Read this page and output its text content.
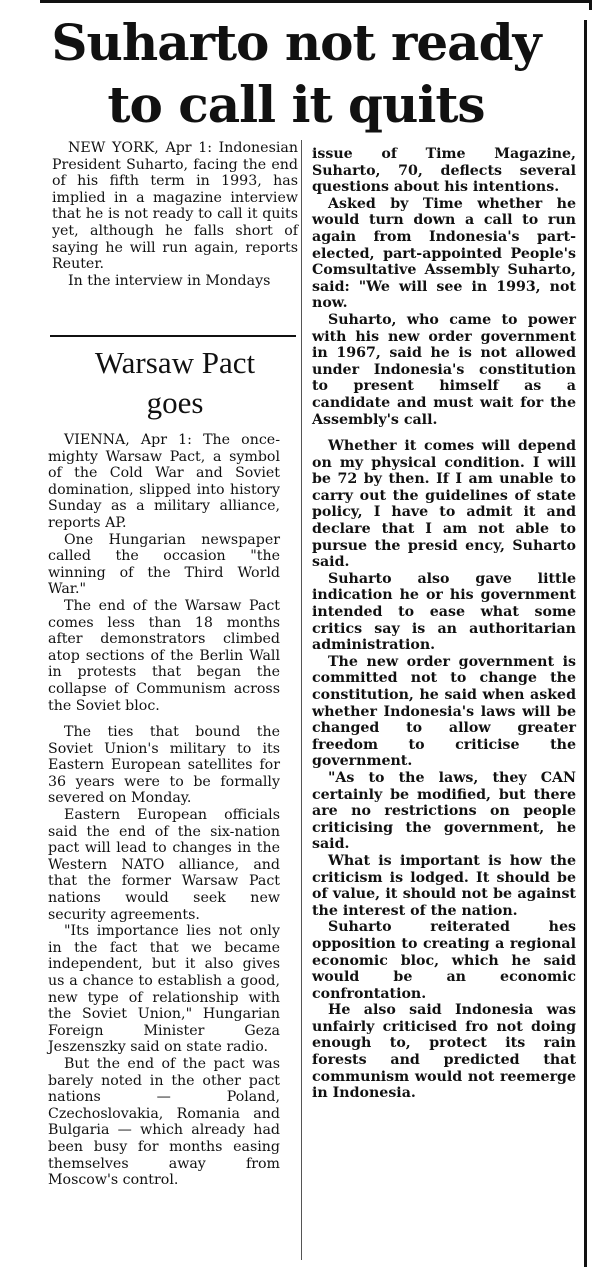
Suharto not ready
to call it quits

NEW YORK, Apr 1: Indonesian President Suharto, facing the end of his fifth term in 1993, has implied in a magazine interview that he is not ready to call it quits yet, although he falls short of saying he will run again, reports Reuter.

In the interview in Mondays

Warsaw Pact
goes

VIENNA, Apr 1: The once-mighty Warsaw Pact, a symbol of the Cold War and Soviet domination, slipped into history Sunday as a military alliance, reports AP.

One Hungarian newspaper called the occasion "the winning of the Third World War."

The end of the Warsaw Pact comes less than 18 months after demonstrators climbed atop sections of the Berlin Wall in protests that began the collapse of Communism across the Soviet bloc.

The ties that bound the Soviet Union's military to its Eastern European satellites for 36 years were to be formally severed on Monday.

Eastern European officials said the end of the six-nation pact will lead to changes in the Western NATO alliance, and that the former Warsaw Pact nations would seek new security agreements.

"Its importance lies not only in the fact that we became independent, but it also gives us a chance to establish a good, new type of relationship with the Soviet Union," Hungarian Foreign Minister Geza Jeszenszky said on state radio.

But the end of the pact was barely noted in the other pact nations — Poland, Czechoslovakia, Romania and Bulgaria — which already had been busy for months easing themselves away from Moscow's control.

issue of Time Magazine, Suharto, 70, deflects several questions about his intentions.

Asked by Time whether he would turn down a call to run again from Indonesia's part-elected, part-appointed People's Comsultative Assembly Suharto, said: "We will see in 1993, not now.

Suharto, who came to power with his new order government in 1967, said he is not allowed under Indonesia's constitution to present himself as a candidate and must wait for the Assembly's call.

Whether it comes will depend on my physical condition. I will be 72 by then. If I am unable to carry out the guidelines of state policy, I have to admit it and declare that I am not able to pursue the presid ency, Suharto said.

Suharto also gave little indication he or his government intended to ease what some critics say is an authoritarian administration.

The new order government is committed not to change the constitution, he said when asked whether Indonesia's laws will be changed to allow greater freedom to criticise the government.

"As to the laws, they CAN certainly be modified, but there are no restrictions on people criticising the government, he said.

What is important is how the criticism is lodged. It should be of value, it should not be against the interest of the nation.

Suharto reiterated hes opposition to creating a regional economic bloc, which he said would be an economic confrontation.

He also said Indonesia was unfairly criticised fro not doing enough to, protect its rain forests and predicted that communism would not reemerge in Indonesia.
